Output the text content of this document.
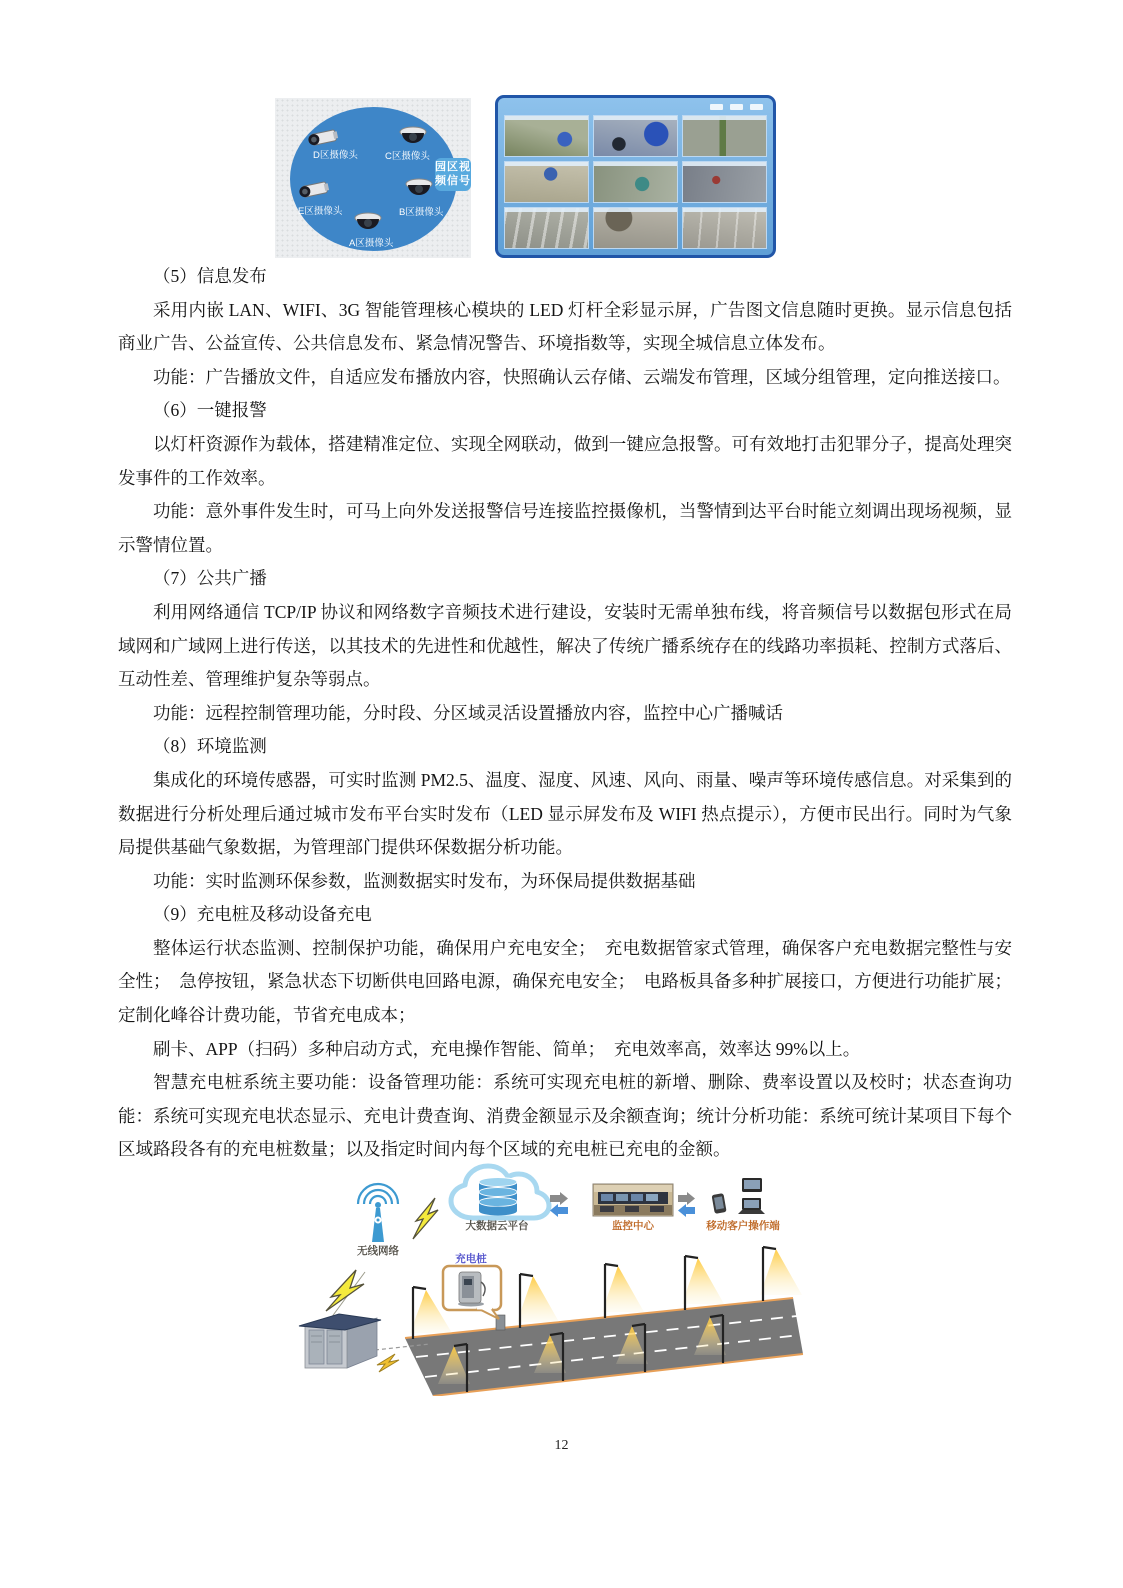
D区摄像头	C区摄像头
E区摄像头	B区摄像头
A区摄像头
园区视频信号

（5）信息发布

采用内嵌 LAN、WIFI、3G 智能管理核心模块的 LED 灯杆全彩显示屏，广告图文信息随时更换。显示信息包括商业广告、公益宣传、公共信息发布、紧急情况警告、环境指数等，实现全城信息立体发布。

功能：广告播放文件，自适应发布播放内容，快照确认云存储、云端发布管理，区域分组管理，定向推送接口。

（6）一键报警

以灯杆资源作为载体，搭建精准定位、实现全网联动，做到一键应急报警。可有效地打击犯罪分子，提高处理突发事件的工作效率。

功能：意外事件发生时，可马上向外发送报警信号连接监控摄像机，当警情到达平台时能立刻调出现场视频，显示警情位置。

（7）公共广播

利用网络通信 TCP/IP 协议和网络数字音频技术进行建设，安装时无需单独布线，将音频信号以数据包形式在局域网和广域网上进行传送，以其技术的先进性和优越性，解决了传统广播系统存在的线路功率损耗、控制方式落后、互动性差、管理维护复杂等弱点。

功能：远程控制管理功能，分时段、分区域灵活设置播放内容，监控中心广播喊话

（8）环境监测

集成化的环境传感器，可实时监测 PM2.5、温度、湿度、风速、风向、雨量、噪声等环境传感信息。对采集到的数据进行分析处理后通过城市发布平台实时发布（LED 显示屏发布及 WIFI 热点提示），方便市民出行。同时为气象局提供基础气象数据，为管理部门提供环保数据分析功能。

功能：实时监测环保参数，监测数据实时发布，为环保局提供数据基础

（9）充电桩及移动设备充电

整体运行状态监测、控制保护功能，确保用户充电安全；　充电数据管家式管理，确保客户充电数据完整性与安全性；　急停按钮，紧急状态下切断供电回路电源，确保充电安全；　电路板具备多种扩展接口，方便进行功能扩展；定制化峰谷计费功能，节省充电成本；

刷卡、APP（扫码）多种启动方式，充电操作智能、简单；　充电效率高，效率达 99%以上。

智慧充电桩系统主要功能：设备管理功能：系统可实现充电桩的新增、删除、费率设置以及校时；状态查询功能：系统可实现充电状态显示、充电计费查询、消费金额显示及余额查询；统计分析功能：系统可统计某项目下每个区域路段各有的充电桩数量；以及指定时间内每个区域的充电桩已充电的金额。

无线网络
大数据云平台	监控中心	移动客户操作端
充电桩
12
